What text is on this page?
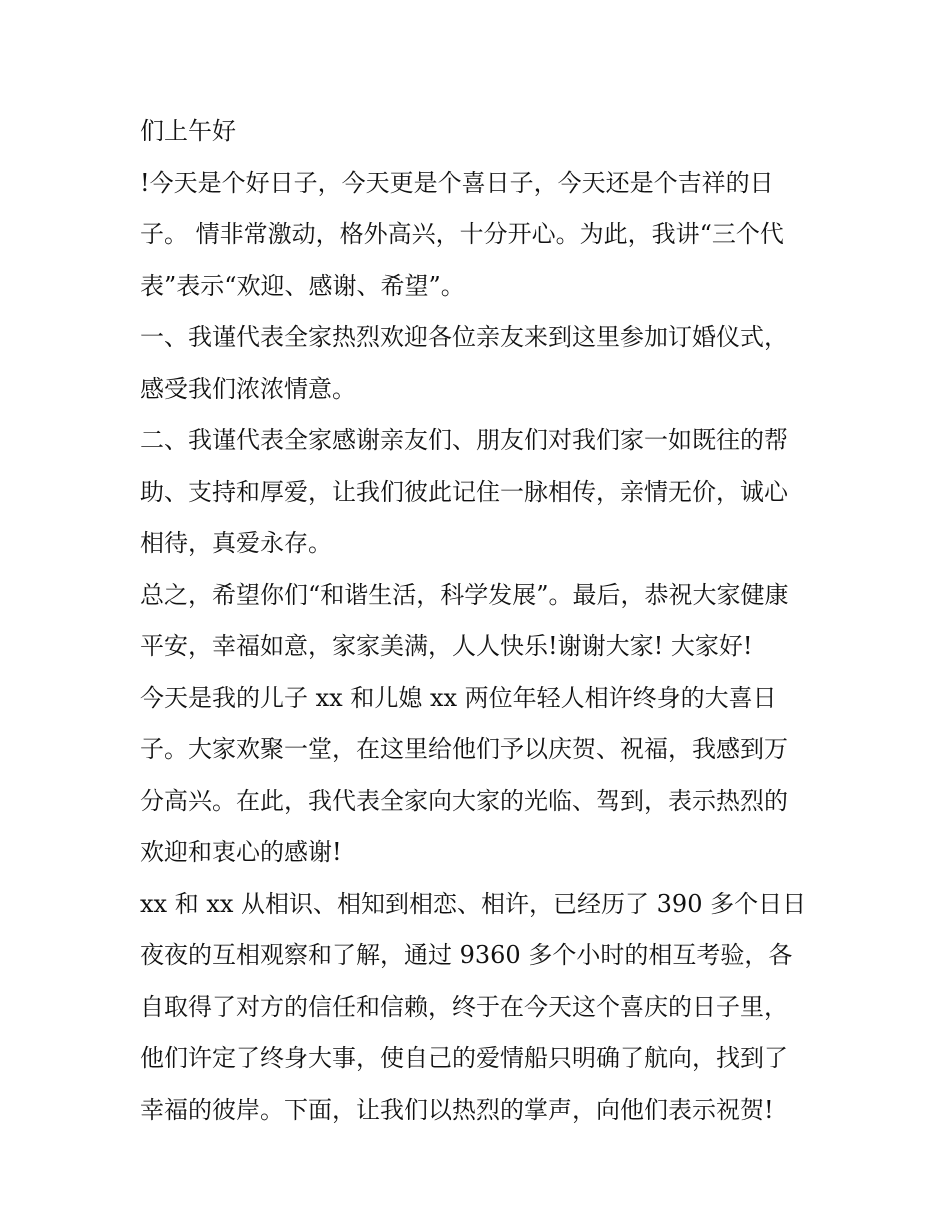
们上午好
!今天是个好日子，今天更是个喜日子，今天还是个吉祥的日
子。 情非常激动，格外高兴，十分开心。为此，我讲“三个代
表”表示“欢迎、感谢、希望”。
一、我谨代表全家热烈欢迎各位亲友来到这里参加订婚仪式，
感受我们浓浓情意。
二、我谨代表全家感谢亲友们、朋友们对我们家一如既往的帮
助、支持和厚爱，让我们彼此记住一脉相传，亲情无价，诚心
相待，真爱永存。
总之，希望你们“和谐生活，科学发展”。最后，恭祝大家健康
平安，幸福如意，家家美满，人人快乐!谢谢大家! 大家好!
今天是我的儿子 xx 和儿媳 xx 两位年轻人相许终身的大喜日
子。大家欢聚一堂，在这里给他们予以庆贺、祝福，我感到万
分高兴。在此，我代表全家向大家的光临、驾到，表示热烈的
欢迎和衷心的感谢!
xx 和 xx 从相识、相知到相恋、相许，已经历了 390 多个日日
夜夜的互相观察和了解，通过 9360 多个小时的相互考验，各
自取得了对方的信任和信赖，终于在今天这个喜庆的日子里，
他们许定了终身大事，使自己的爱情船只明确了航向，找到了
幸福的彼岸。下面，让我们以热烈的掌声，向他们表示祝贺!
